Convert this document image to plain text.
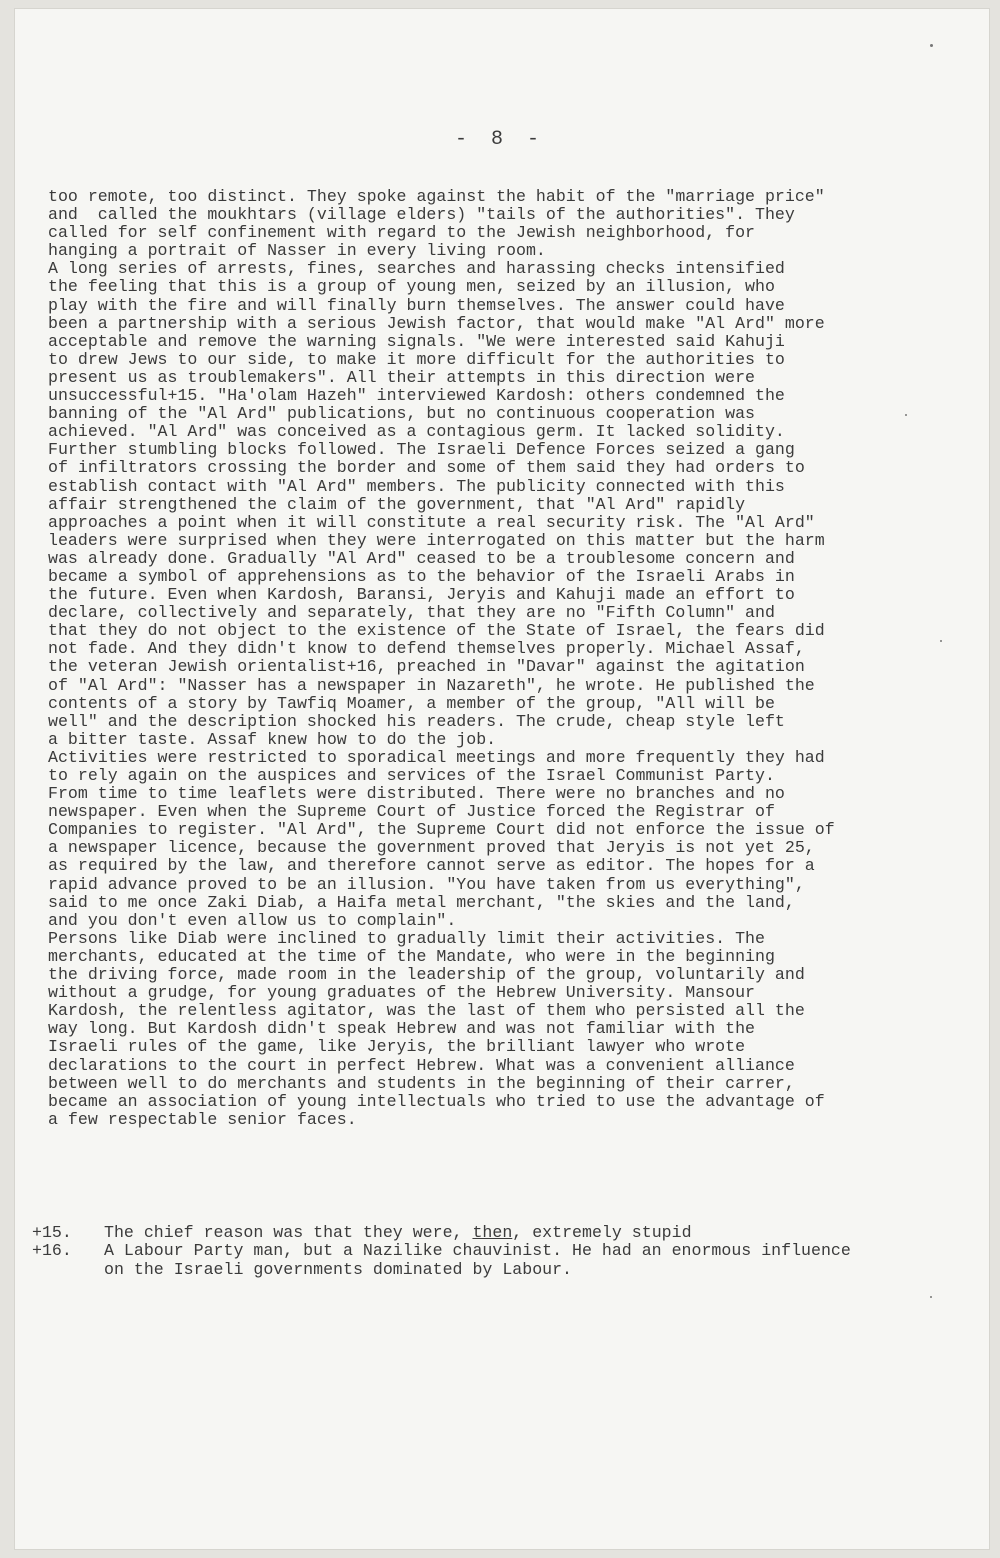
- 8 -

too remote, too distinct. They spoke against the habit of the "marriage price"

and  called the moukhtars (village elders) "tails of the authorities". They

called for self confinement with regard to the Jewish neighborhood, for

hanging a portrait of Nasser in every living room.

A long series of arrests, fines, searches and harassing checks intensified

the feeling that this is a group of young men, seized by an illusion, who

play with the fire and will finally burn themselves. The answer could have

been a partnership with a serious Jewish factor, that would make "Al Ard" more

acceptable and remove the warning signals. "We were interested said Kahuji

to drew Jews to our side, to make it more difficult for the authorities to

present us as troublemakers". All their attempts in this direction were

unsuccessful+15. "Ha'olam Hazeh" interviewed Kardosh: others condemned the

banning of the "Al Ard" publications, but no continuous cooperation was

achieved. "Al Ard" was conceived as a contagious germ. It lacked solidity.

Further stumbling blocks followed. The Israeli Defence Forces seized a gang

of infiltrators crossing the border and some of them said they had orders to

establish contact with "Al Ard" members. The publicity connected with this

affair strengthened the claim of the government, that "Al Ard" rapidly

approaches a point when it will constitute a real security risk. The "Al Ard"

leaders were surprised when they were interrogated on this matter but the harm

was already done. Gradually "Al Ard" ceased to be a troublesome concern and

became a symbol of apprehensions as to the behavior of the Israeli Arabs in

the future. Even when Kardosh, Baransi, Jeryis and Kahuji made an effort to

declare, collectively and separately, that they are no "Fifth Column" and

that they do not object to the existence of the State of Israel, the fears did

not fade. And they didn't know to defend themselves properly. Michael Assaf,

the veteran Jewish orientalist+16, preached in "Davar" against the agitation

of "Al Ard": "Nasser has a newspaper in Nazareth", he wrote. He published the

contents of a story by Tawfiq Moamer, a member of the group, "All will be

well" and the description shocked his readers. The crude, cheap style left

a bitter taste. Assaf knew how to do the job.

Activities were restricted to sporadical meetings and more frequently they had

to rely again on the auspices and services of the Israel Communist Party.

From time to time leaflets were distributed. There were no branches and no

newspaper. Even when the Supreme Court of Justice forced the Registrar of

Companies to register. "Al Ard", the Supreme Court did not enforce the issue of

a newspaper licence, because the government proved that Jeryis is not yet 25,

as required by the law, and therefore cannot serve as editor. The hopes for a

rapid advance proved to be an illusion. "You have taken from us everything",

said to me once Zaki Diab, a Haifa metal merchant, "the skies and the land,

and you don't even allow us to complain".

Persons like Diab were inclined to gradually limit their activities. The

merchants, educated at the time of the Mandate, who were in the beginning

the driving force, made room in the leadership of the group, voluntarily and

without a grudge, for young graduates of the Hebrew University. Mansour

Kardosh, the relentless agitator, was the last of them who persisted all the

way long. But Kardosh didn't speak Hebrew and was not familiar with the

Israeli rules of the game, like Jeryis, the brilliant lawyer who wrote

declarations to the court in perfect Hebrew. What was a convenient alliance

between well to do merchants and students in the beginning of their carrer,

became an association of young intellectuals who tried to use the advantage of

a few respectable senior faces.

+15.	The chief reason was that they were, then, extremely stupid
+16.	A Labour Party man, but a Nazilike chauvinist. He had an enormous influence
on the Israeli governments dominated by Labour.
